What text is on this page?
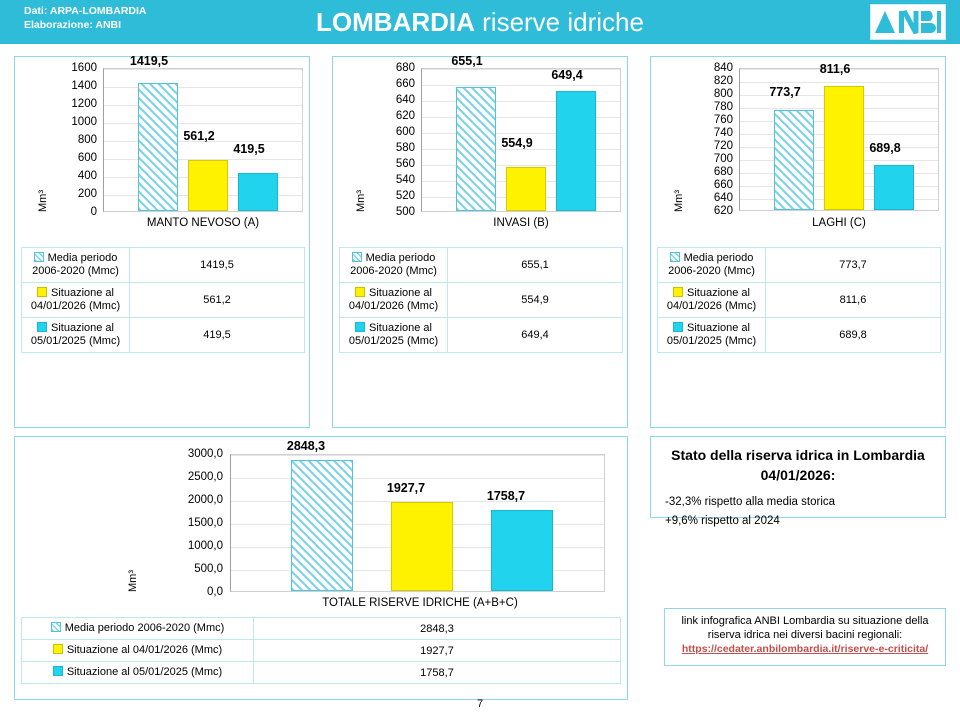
Dati: ARPA-LOMBARDIA
Elaborazione: ANBI	LOMBARDIA riserve idriche
Mm³
1600
1400
1200
1000
800
600
400
200
0
1419,5
561,2
419,5
MANTO NEVOSO (A)
Media periodo 2006-2020 (Mmc)	1419,5
Situazione al 04/01/2026 (Mmc)	561,2
Situazione al 05/01/2025 (Mmc)	419,5
Mm³
680
660
640
620
600
580
560
540
520
500
655,1
554,9
649,4
INVASI (B)
Media periodo 2006-2020 (Mmc)	655,1
Situazione al 04/01/2026 (Mmc)	554,9
Situazione al 05/01/2025 (Mmc)	649,4
Mm³
840
820
800
780
760
740
720
700
680
660
640
620
773,7
811,6
689,8
LAGHI (C)
Media periodo 2006-2020 (Mmc)	773,7
Situazione al 04/01/2026 (Mmc)	811,6
Situazione al 05/01/2025 (Mmc)	689,8
Mm³
3000,0
2500,0
2000,0
1500,0
1000,0
500,0
0,0
2848,3
1927,7
1758,7
TOTALE RISERVE IDRICHE (A+B+C)
Media periodo 2006-2020 (Mmc)	2848,3
Situazione al 04/01/2026 (Mmc)	1927,7
Situazione al 05/01/2025 (Mmc)	1758,7
Stato della riserva idrica in Lombardia 04/01/2026:
-32,3% rispetto alla media storica
+9,6% rispetto al 2024
link infografica ANBI Lombardia su situazione della riserva idrica nei diversi bacini regionali:
https://cedater.anbilombardia.it/riserve-e-criticita/
7
